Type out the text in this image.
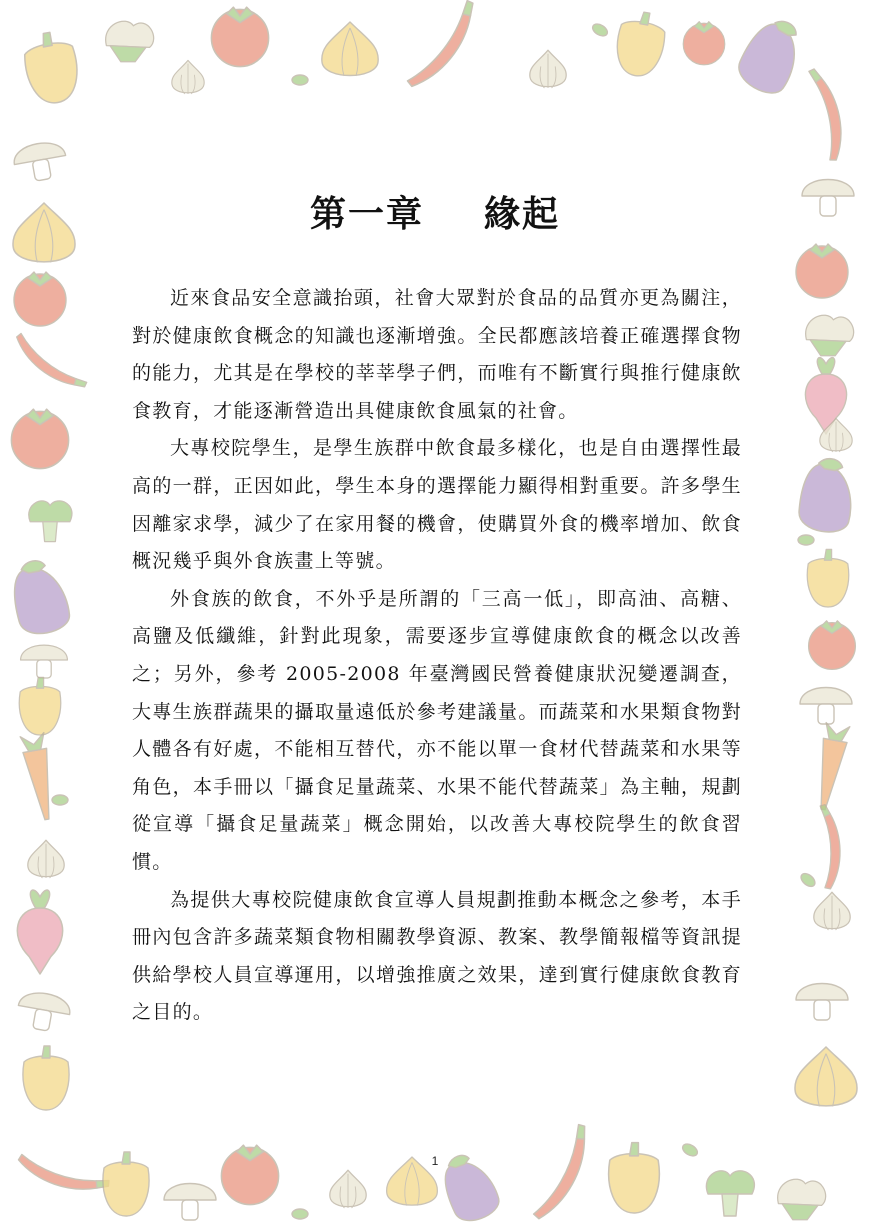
第一章 緣起

近來食品安全意識抬頭，社會大眾對於食品的品質亦更為關注，對於健康飲食概念的知識也逐漸增強。全民都應該培養正確選擇食物的能力，尤其是在學校的莘莘學子們，而唯有不斷實行與推行健康飲食教育，才能逐漸營造出具健康飲食風氣的社會。

大專校院學生，是學生族群中飲食最多樣化，也是自由選擇性最高的一群，正因如此，學生本身的選擇能力顯得相對重要。許多學生因離家求學，減少了在家用餐的機會，使購買外食的機率增加、飲食概況幾乎與外食族畫上等號。

外食族的飲食，不外乎是所謂的「三高一低」，即高油、高糖、高鹽及低纖維，針對此現象，需要逐步宣導健康飲食的概念以改善之；另外，參考 2005-2008 年臺灣國民營養健康狀況變遷調查，大專生族群蔬果的攝取量遠低於參考建議量。而蔬菜和水果類食物對人體各有好處，不能相互替代，亦不能以單一食材代替蔬菜和水果等角色，本手冊以「攝食足量蔬菜、水果不能代替蔬菜」為主軸，規劃從宣導「攝食足量蔬菜」概念開始，以改善大專校院學生的飲食習慣。

為提供大專校院健康飲食宣導人員規劃推動本概念之參考，本手冊內包含許多蔬菜類食物相關教學資源、教案、教學簡報檔等資訊提供給學校人員宣導運用，以增強推廣之效果，達到實行健康飲食教育之目的。

1
